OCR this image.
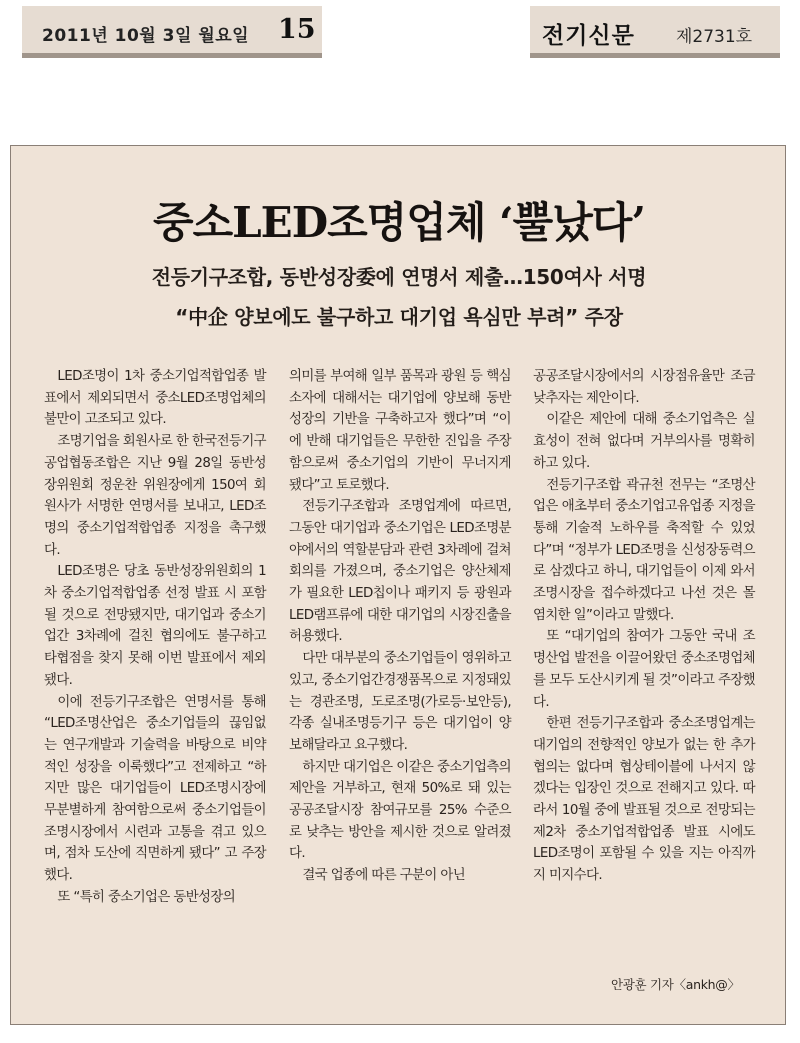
2011년 10월 3일 월요일 15	전기신문 제2731호
중소LED조명업체 ‘뿔났다’
전등기구조합, 동반성장委에 연명서 제출…150여사 서명
“中企 양보에도 불구하고 대기업 욕심만 부려” 주장

LED조명이 1차 중소기업적합업종 발표에서 제외되면서 중소LED조명업체의 불만이 고조되고 있다.

조명기업을 회원사로 한 한국전등기구공업협동조합은 지난 9월 28일 동반성장위원회 정운찬 위원장에게 150여 회원사가 서명한 연명서를 보내고, LED조명의 중소기업적합업종 지정을 촉구했다.

LED조명은 당초 동반성장위원회의 1차 중소기업적합업종 선정 발표 시 포함될 것으로 전망됐지만, 대기업과 중소기업간 3차례에 걸친 협의에도 불구하고 타협점을 찾지 못해 이번 발표에서 제외됐다.

이에 전등기구조합은 연명서를 통해 “LED조명산업은 중소기업들의 끊임없는 연구개발과 기술력을 바탕으로 비약적인 성장을 이룩했다”고 전제하고 “하지만 많은 대기업들이 LED조명시장에 무분별하게 참여함으로써 중소기업들이 조명시장에서 시련과 고통을 겪고 있으며, 점차 도산에 직면하게 됐다” 고 주장했다.

또 “특히 중소기업은 동반성장의

의미를 부여해 일부 품목과 광원 등 핵심소자에 대해서는 대기업에 양보해 동반성장의 기반을 구축하고자 했다”며 “이에 반해 대기업들은 무한한 진입을 주장함으로써 중소기업의 기반이 무너지게 됐다”고 토로했다.

전등기구조합과 조명업계에 따르면, 그동안 대기업과 중소기업은 LED조명분야에서의 역할분담과 관련 3차례에 걸쳐 회의를 가졌으며, 중소기업은 양산체제가 필요한 LED칩이나 패키지 등 광원과 LED램프류에 대한 대기업의 시장진출을 허용했다.

다만 대부분의 중소기업들이 영위하고 있고, 중소기업간경쟁품목으로 지정돼있는 경관조명, 도로조명(가로등·보안등), 각종 실내조명등기구 등은 대기업이 양보해달라고 요구했다.

하지만 대기업은 이같은 중소기업측의 제안을 거부하고, 현재 50%로 돼 있는 공공조달시장 참여규모를 25% 수준으로 낮추는 방안을 제시한 것으로 알려졌다.

결국 업종에 따른 구분이 아닌

공공조달시장에서의 시장점유율만 조금 낮추자는 제안이다.

이같은 제안에 대해 중소기업측은 실효성이 전혀 없다며 거부의사를 명확히 하고 있다.

전등기구조합 곽규천 전무는 “조명산업은 애초부터 중소기업고유업종 지정을 통해 기술적 노하우를 축적할 수 있었다”며 “정부가 LED조명을 신성장동력으로 삼겠다고 하니, 대기업들이 이제 와서 조명시장을 접수하겠다고 나선 것은 몰염치한 일”이라고 말했다.

또 “대기업의 참여가 그동안 국내 조명산업 발전을 이끌어왔던 중소조명업체를 모두 도산시키게 될 것”이라고 주장했다.

한편 전등기구조합과 중소조명업계는 대기업의 전향적인 양보가 없는 한 추가 협의는 없다며 협상테이블에 나서지 않겠다는 입장인 것으로 전해지고 있다. 따라서 10월 중에 발표될 것으로 전망되는 제2차 중소기업적합업종 발표 시에도 LED조명이 포함될 수 있을 지는 아직까지 미지수다.

안광훈 기자〈ankh@〉
